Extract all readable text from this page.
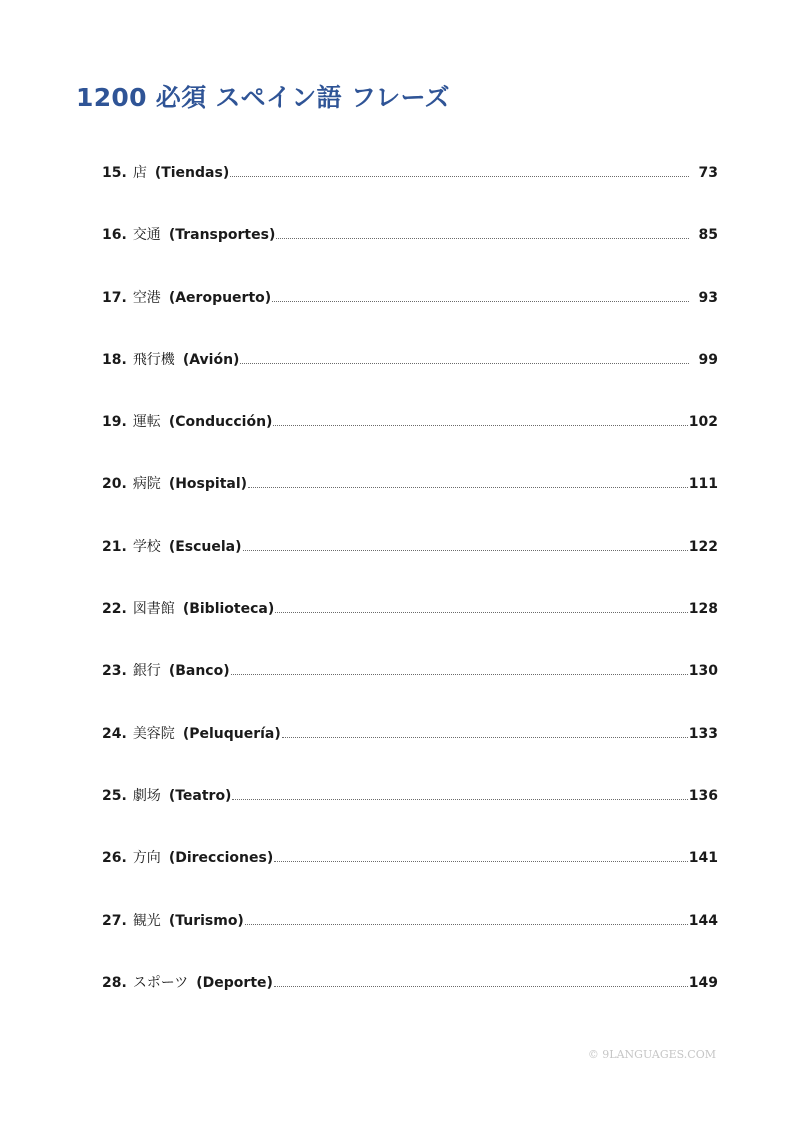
1200 必須 スペイン語 フレーズ
15. 店 (Tiendas)	73
16. 交通 (Transportes)	85
17. 空港 (Aeropuerto)	93
18. 飛行機 (Avión)	99
19. 運転 (Conducción)	102
20. 病院 (Hospital)	111
21. 学校 (Escuela)	122
22. 図書館 (Biblioteca)	128
23. 銀行 (Banco)	130
24. 美容院 (Peluquería)	133
25. 劇场 (Teatro)	136
26. 方向 (Direcciones)	141
27. 観光 (Turismo)	144
28. スポーツ (Deporte)	149
© 9LANGUAGES.COM
